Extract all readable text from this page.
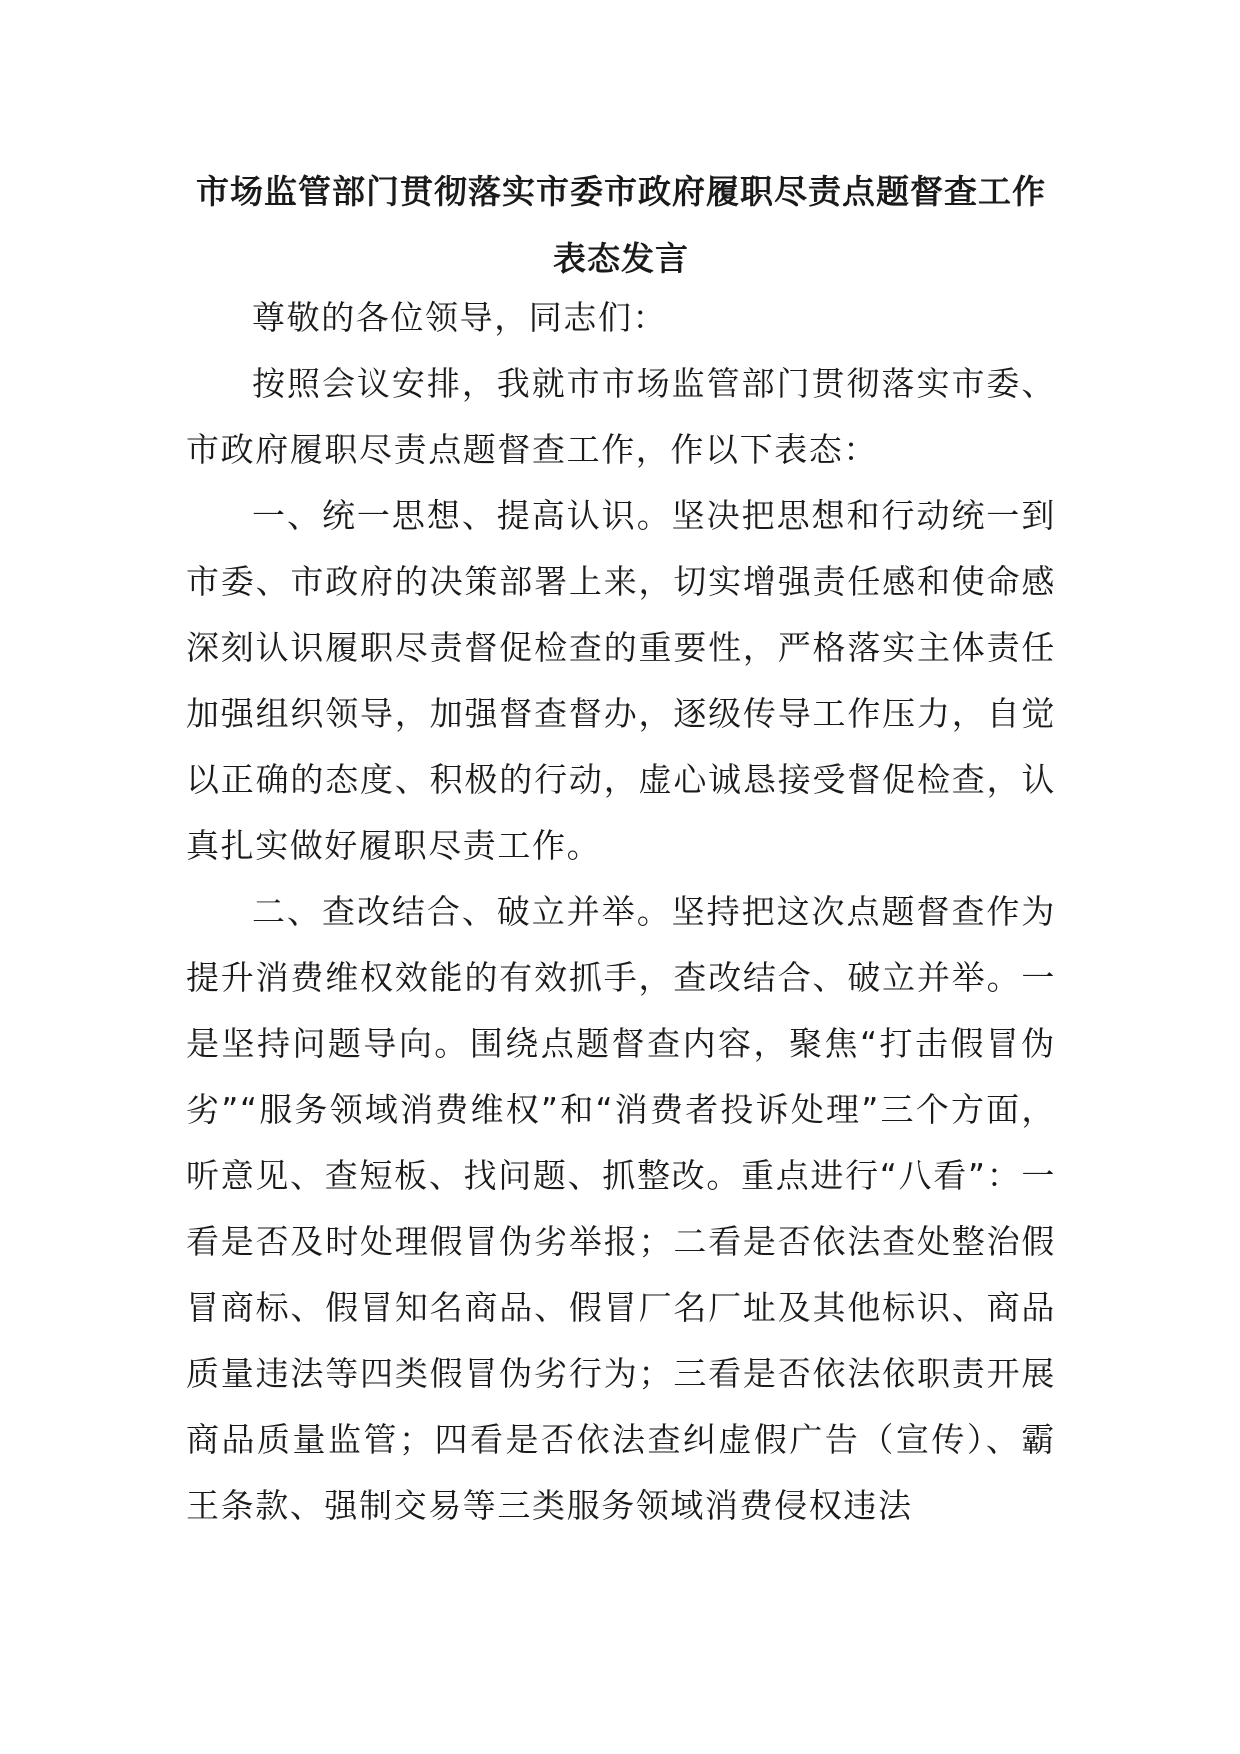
市场监管部门贯彻落实市委市政府履职尽责点题督查工作
表态发言

尊敬的各位领导，同志们：

按照会议安排，我就市市场监管部门贯彻落实市委、市政府履职尽责点题督查工作，作以下表态：

一、统一思想、提高认识。坚决把思想和行动统一到市委、市政府的决策部署上来，切实增强责任感和使命感深刻认识履职尽责督促检查的重要性，严格落实主体责任加强组织领导，加强督查督办，逐级传导工作压力，自觉以正确的态度、积极的行动，虚心诚恳接受督促检查，认真扎实做好履职尽责工作。

二、查改结合、破立并举。坚持把这次点题督查作为提升消费维权效能的有效抓手，查改结合、破立并举。一是坚持问题导向。围绕点题督查内容，聚焦“打击假冒伪劣”“服务领域消费维权”和“消费者投诉处理”三个方面，听意见、查短板、找问题、抓整改。重点进行“八看”：一看是否及时处理假冒伪劣举报；二看是否依法查处整治假冒商标、假冒知名商品、假冒厂名厂址及其他标识、商品质量违法等四类假冒伪劣行为；三看是否依法依职责开展商品质量监管；四看是否依法查纠虚假广告（宣传）、霸王条款、强制交易等三类服务领域消费侵权违法
